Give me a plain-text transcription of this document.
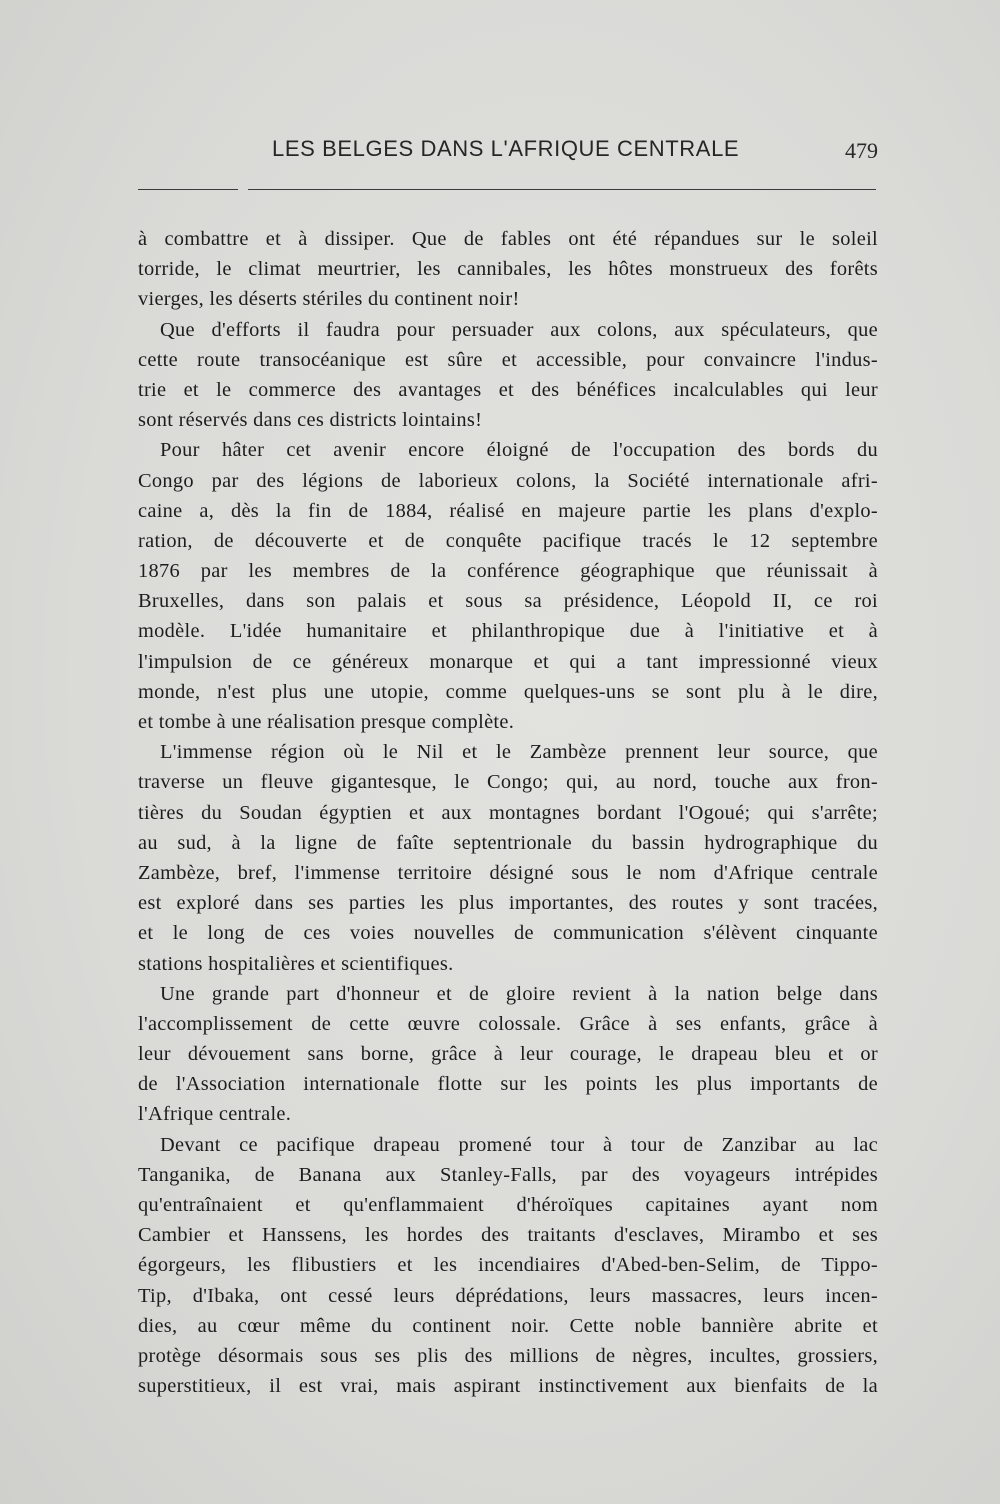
LES BELGES DANS L'AFRIQUE CENTRALE	479
à combattre et à dissiper. Que de fables ont été répandues sur le soleil
torride, le climat meurtrier, les cannibales, les hôtes monstrueux des forêts
vierges, les déserts stériles du continent noir!
Que d'efforts il faudra pour persuader aux colons, aux spéculateurs, que
cette route transocéanique est sûre et accessible, pour convaincre l'indus-
trie et le commerce des avantages et des bénéfices incalculables qui leur
sont réservés dans ces districts lointains!
Pour hâter cet avenir encore éloigné de l'occupation des bords du
Congo par des légions de laborieux colons, la Société internationale afri-
caine a, dès la fin de 1884, réalisé en majeure partie les plans d'explo-
ration, de découverte et de conquête pacifique tracés le 12 septembre
1876 par les membres de la conférence géographique que réunissait à
Bruxelles, dans son palais et sous sa présidence, Léopold II, ce roi
modèle. L'idée humanitaire et philanthropique due à l'initiative et à
l'impulsion de ce généreux monarque et qui a tant impressionné vieux
monde, n'est plus une utopie, comme quelques-uns se sont plu à le dire,
et tombe à une réalisation presque complète.
L'immense région où le Nil et le Zambèze prennent leur source, que
traverse un fleuve gigantesque, le Congo; qui, au nord, touche aux fron-
tières du Soudan égyptien et aux montagnes bordant l'Ogoué; qui s'arrête;
au sud, à la ligne de faîte septentrionale du bassin hydrographique du
Zambèze, bref, l'immense territoire désigné sous le nom d'Afrique centrale
est exploré dans ses parties les plus importantes, des routes y sont tracées,
et le long de ces voies nouvelles de communication s'élèvent cinquante
stations hospitalières et scientifiques.
Une grande part d'honneur et de gloire revient à la nation belge dans
l'accomplissement de cette œuvre colossale. Grâce à ses enfants, grâce à
leur dévouement sans borne, grâce à leur courage, le drapeau bleu et or
de l'Association internationale flotte sur les points les plus importants de
l'Afrique centrale.
Devant ce pacifique drapeau promené tour à tour de Zanzibar au lac
Tanganika, de Banana aux Stanley-Falls, par des voyageurs intrépides
qu'entraînaient et qu'enflammaient d'héroïques capitaines ayant nom
Cambier et Hanssens, les hordes des traitants d'esclaves, Mirambo et ses
égorgeurs, les flibustiers et les incendiaires d'Abed-ben-Selim, de Tippo-
Tip, d'Ibaka, ont cessé leurs déprédations, leurs massacres, leurs incen-
dies, au cœur même du continent noir. Cette noble bannière abrite et
protège désormais sous ses plis des millions de nègres, incultes, grossiers,
superstitieux, il est vrai, mais aspirant instinctivement aux bienfaits de la
